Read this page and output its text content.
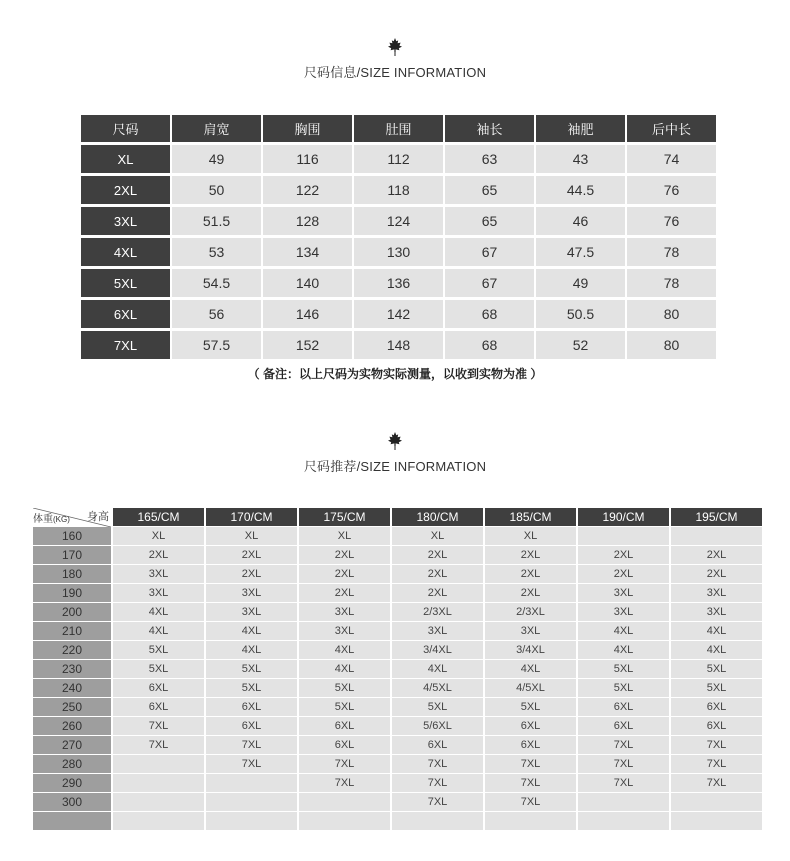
尺码信息/SIZE INFORMATION
尺码	肩宽	胸围	肚围	袖长	袖肥	后中长
XL	49	116	112	63	43	74
2XL	50	122	118	65	44.5	76
3XL	51.5	128	124	65	46	76
4XL	53	134	130	67	47.5	78
5XL	54.5	140	136	67	49	78
6XL	56	146	142	68	50.5	80
7XL	57.5	152	148	68	52	80
（ 备注：以上尺码为实物实际测量，以收到实物为准 ）
尺码推荐/SIZE INFORMATION
体重(KG) 身高	165/CM	170/CM	175/CM	180/CM	185/CM	190/CM	195/CM
160	XL	XL	XL	XL	XL		
170	2XL	2XL	2XL	2XL	2XL	2XL	2XL
180	3XL	2XL	2XL	2XL	2XL	2XL	2XL
190	3XL	3XL	2XL	2XL	2XL	3XL	3XL
200	4XL	3XL	3XL	2/3XL	2/3XL	3XL	3XL
210	4XL	4XL	3XL	3XL	3XL	4XL	4XL
220	5XL	4XL	4XL	3/4XL	3/4XL	4XL	4XL
230	5XL	5XL	4XL	4XL	4XL	5XL	5XL
240	6XL	5XL	5XL	4/5XL	4/5XL	5XL	5XL
250	6XL	6XL	5XL	5XL	5XL	6XL	6XL
260	7XL	6XL	6XL	5/6XL	6XL	6XL	6XL
270	7XL	7XL	6XL	6XL	6XL	7XL	7XL
280		7XL	7XL	7XL	7XL	7XL	7XL
290			7XL	7XL	7XL	7XL	7XL
300				7XL	7XL		
